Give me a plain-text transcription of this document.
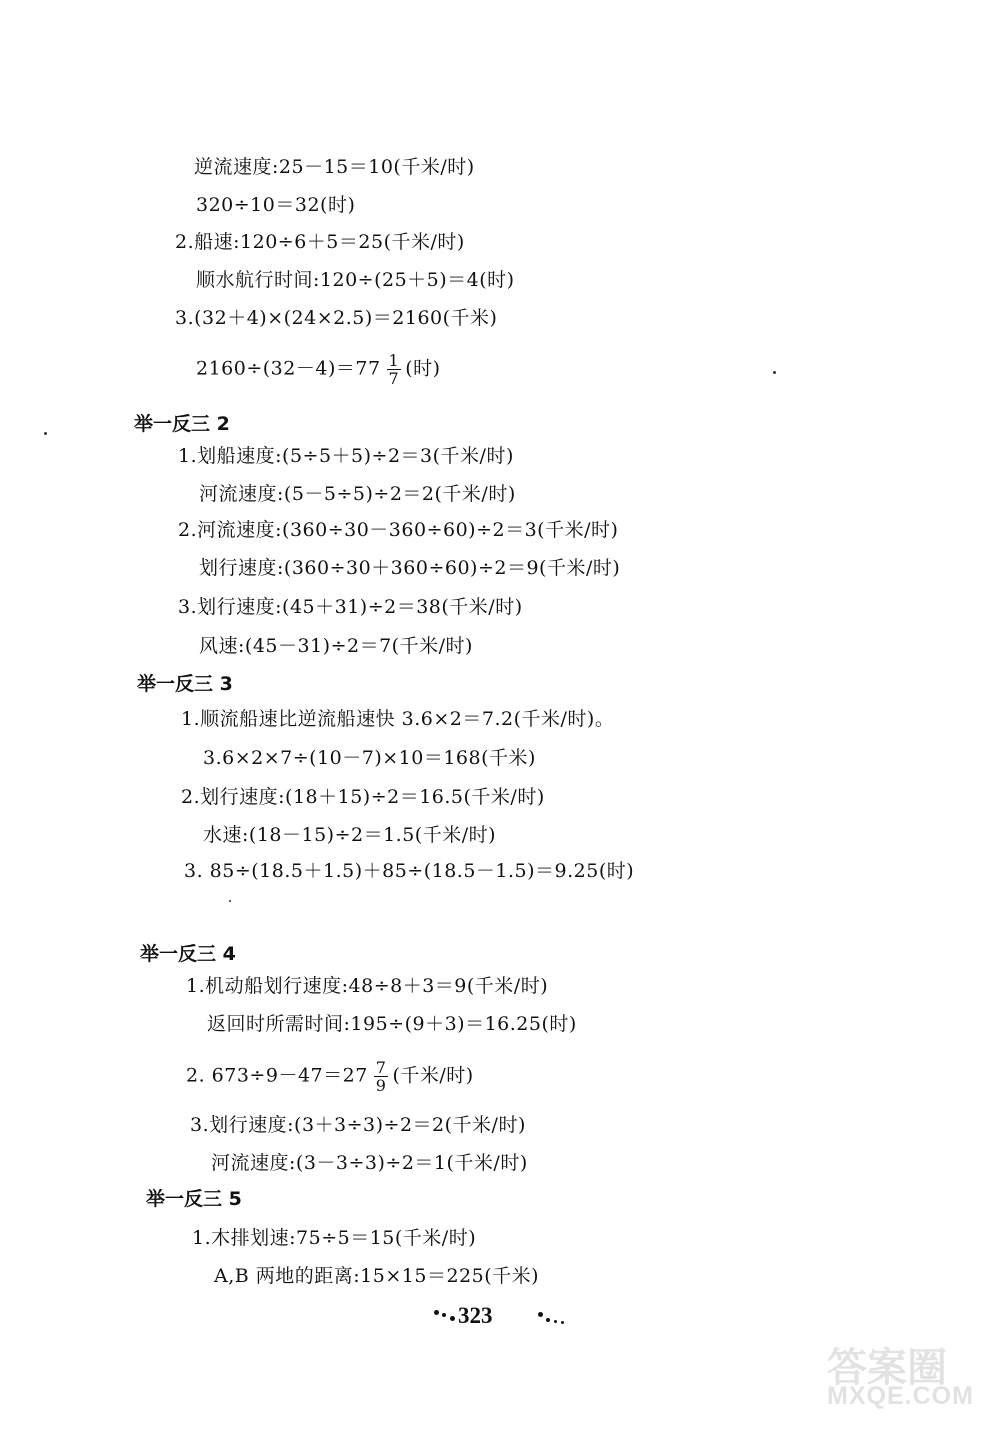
逆流速度:25－15＝10(千米/时)
320÷10＝32(时)
2.船速:120÷6＋5＝25(千米/时)
顺水航行时间:120÷(25＋5)＝4(时)
3.(32＋4)×(24×2.5)＝2160(千米)
$2160\div(32-4)=77 \frac{1}{7}$ (时)
举一反三 2
1.划船速度:(5÷5＋5)÷2＝3(千米/时)
河流速度:(5－5÷5)÷2＝2(千米/时)
2.河流速度:(360÷30－360÷60)÷2＝3(千米/时)
划行速度:(360÷30＋360÷60)÷2＝9(千米/时)
3.划行速度:(45＋31)÷2＝38(千米/时)
风速:(45－31)÷2＝7(千米/时)
举一反三 3
1.顺流船速比逆流船速快 3.6×2＝7.2(千米/时)。
3.6×2×7÷(10－7)×10＝168(千米)
2.划行速度:(18＋15)÷2＝16.5(千米/时)
水速:(18－15)÷2＝1.5(千米/时)
3. 85÷(18.5＋1.5)＋85÷(18.5－1.5)＝9.25(时)
举一反三 4
1.机动船划行速度:48÷8＋3＝9(千米/时)
返回时所需时间:195÷(9＋3)＝16.25(时)
2. $673\div 9-47=27 \frac{7}{9}$ (千米/时)
3.划行速度:(3＋3÷3)÷2＝2(千米/时)
河流速度:(3－3÷3)÷2＝1(千米/时)
举一反三 5
1.木排划速:75÷5＝15(千米/时)
A,B 两地的距离:15×15＝225(千米)
323
答案圈
MXQE.COM
